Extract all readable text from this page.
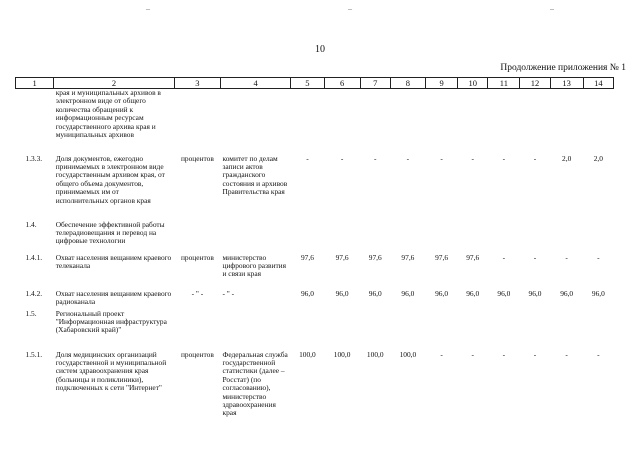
_	_	_
10
Продолжение приложения № 1
1	2	3	4	5	6	7	8	9	10	11	12	13	14
	края и муниципальных архивов в электронном виде от общего количества обращений к информационным ресурсам государственного архива края и муниципальных архивов												
1.3.3.	Доля документов, ежегодно принимаемых в электронном виде государственным архивом края, от общего объема документов, принимаемых им от исполнительных органов края	процентов	комитет по делам записи актов гражданского состояния и архивов Правительства края	-	-	-	-	-	-	-	-	2,0	2,0
1.4.	Обеспечение эффективной работы телерадиовещания и перевод на цифровые технологии												
1.4.1.	Охват населения вещанием краевого телеканала	процентов	министерство цифрового развития и связи края	97,6	97,6	97,6	97,6	97,6	97,6	-	-	-	-
1.4.2.	Охват населения вещанием краевого радиоканала	- " -	- " -	96,0	96,0	96,0	96,0	96,0	96,0	96,0	96,0	96,0	96,0
1.5.	Региональный проект "Информационная инфраструктура (Хабаровский край)"												
1.5.1.	Доля медицинских организаций государственной и муниципальной систем здравоохранения края (больницы и поликлиники), подключенных к сети "Интернет"	процентов	Федеральная служба государственной статистики (далее – Росстат) (по согласованию), министерство здравоохранения края	100,0	100,0	100,0	100,0	-	-	-	-	-	-
